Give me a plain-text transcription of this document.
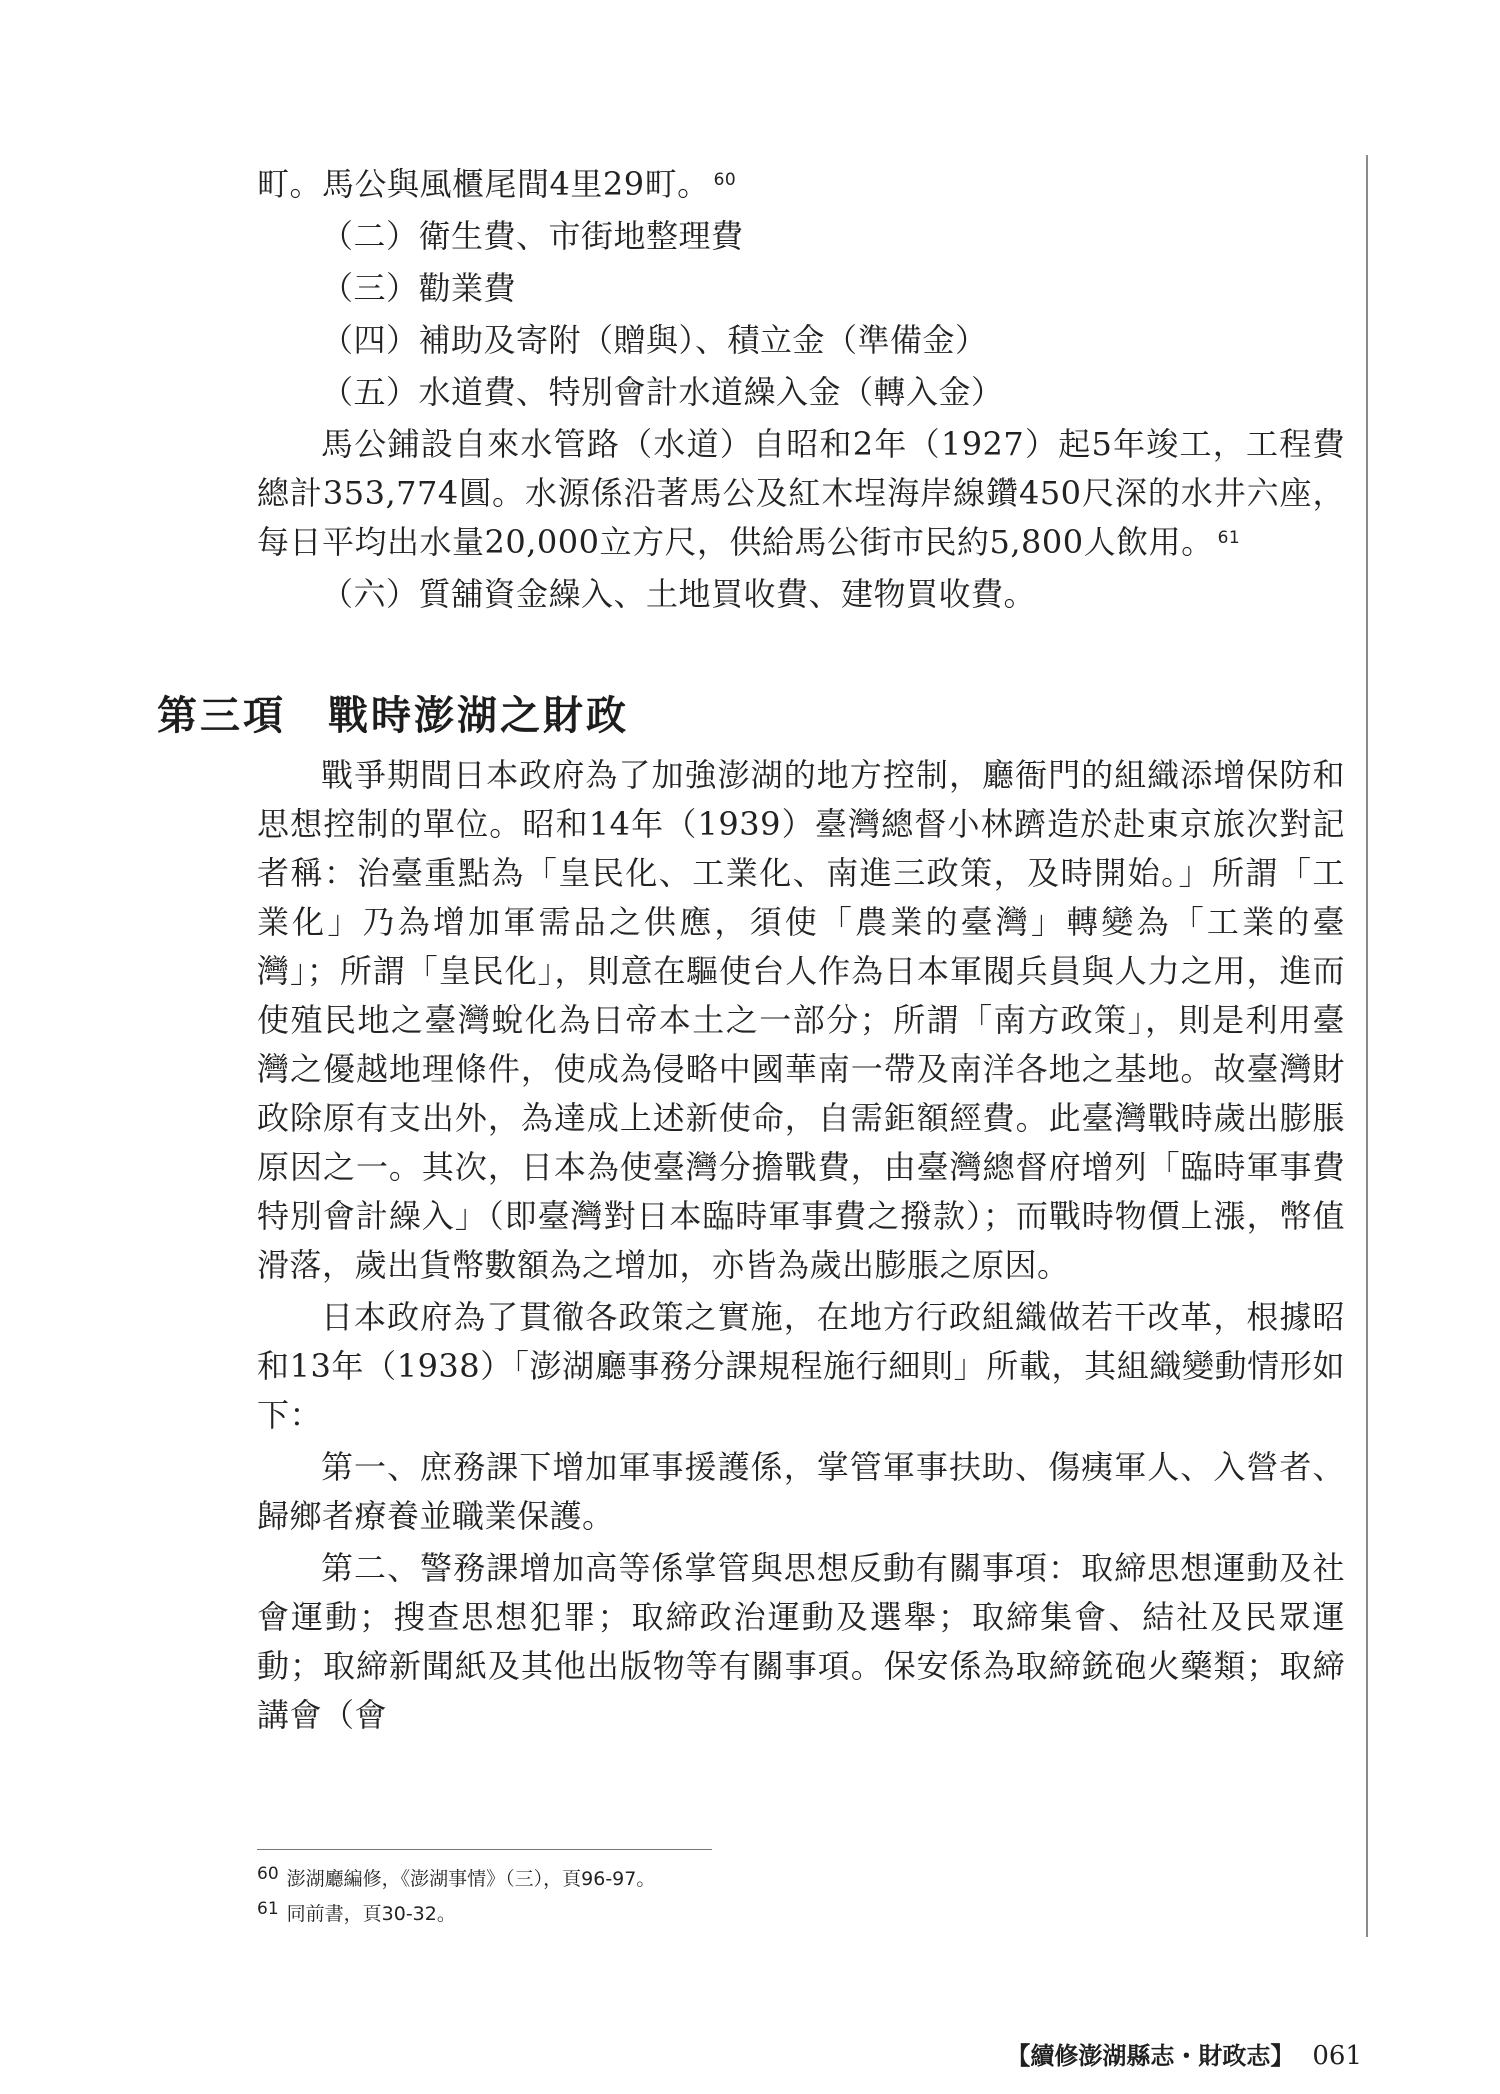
町。馬公與風櫃尾間4里29町。 $^{60}$

（二）衛生費、市街地整理費

（三）勸業費

（四）補助及寄附（贈與）、積立金（準備金）

（五）水道費、特別會計水道繰入金（轉入金）

馬公鋪設自來水管路（水道）自昭和2年（1927）起5年竣工，工程費總計353,774圓。水源係沿著馬公及紅木埕海岸線鑽450尺深的水井六座，每日平均出水量20,000立方尺，供給馬公街市民約5,800人飲用。 $^{61}$

（六）質舖資金繰入、土地買收費、建物買收費。

第三項 戰時澎湖之財政

戰爭期間日本政府為了加強澎湖的地方控制，廳衙門的組織添增保防和思想控制的單位。昭和14年（1939）臺灣總督小林躋造於赴東京旅次對記者稱：治臺重點為「皇民化、工業化、南進三政策，及時開始。」所謂「工業化」乃為增加軍需品之供應，須使「農業的臺灣」轉變為「工業的臺灣」；所謂「皇民化」，則意在驅使台人作為日本軍閥兵員與人力之用，進而使殖民地之臺灣蛻化為日帝本土之一部分；所謂「南方政策」，則是利用臺灣之優越地理條件，使成為侵略中國華南一帶及南洋各地之基地。故臺灣財政除原有支出外，為達成上述新使命，自需鉅額經費。此臺灣戰時歲出膨脹原因之一。其次，日本為使臺灣分擔戰費，由臺灣總督府增列「臨時軍事費特別會計繰入」（即臺灣對日本臨時軍事費之撥款）；而戰時物價上漲，幣值滑落，歲出貨幣數額為之增加，亦皆為歲出膨脹之原因。

日本政府為了貫徹各政策之實施，在地方行政組織做若干改革，根據昭和13年（1938）「澎湖廳事務分課規程施行細則」所載，其組織變動情形如下：

第一、庶務課下增加軍事援護係，掌管軍事扶助、傷痍軍人、入營者、歸鄉者療養並職業保護。

第二、警務課增加高等係掌管與思想反動有關事項：取締思想運動及社會運動；搜查思想犯罪；取締政治運動及選舉；取締集會、結社及民眾運動；取締新聞紙及其他出版物等有關事項。保安係為取締銃砲火藥類；取締講會（會

60 澎湖廳編修，《澎湖事情》（三），頁96-97。
61 同前書，頁30-32。
【續修澎湖縣志・財政志】 061
